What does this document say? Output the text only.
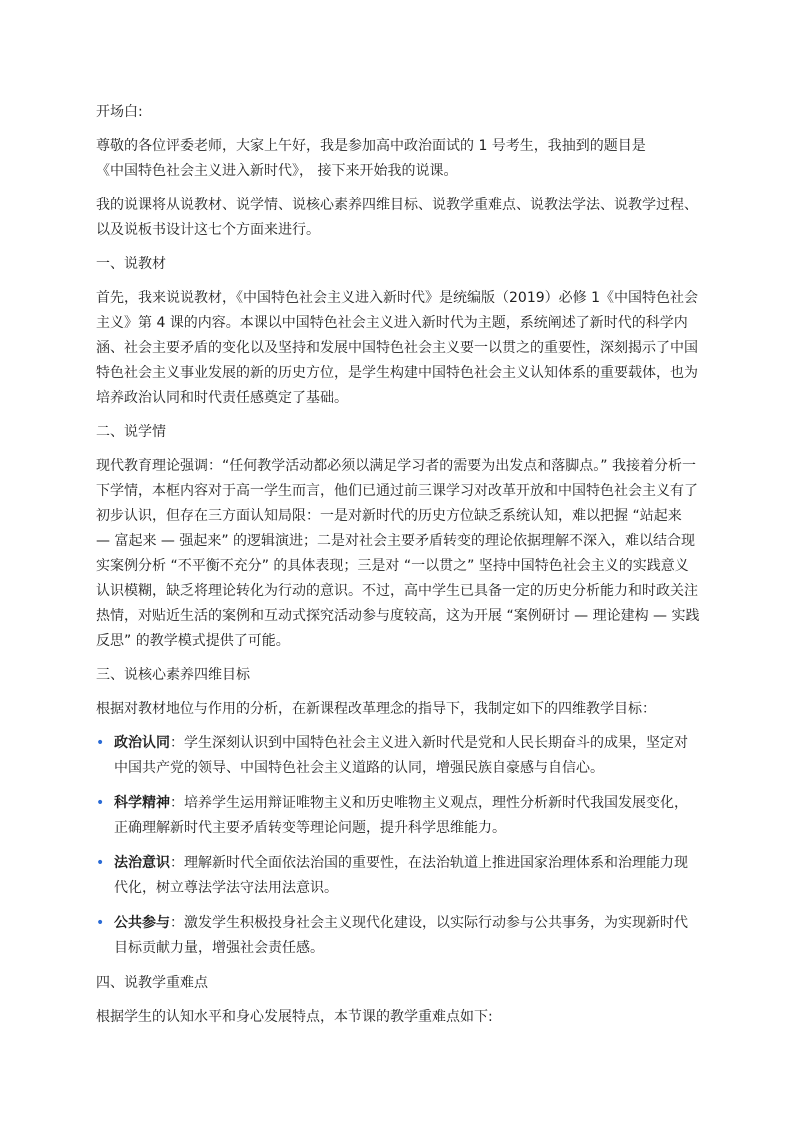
开场白:

尊敬的各位评委老师，大家上午好，我是参加高中政治面试的 1 号考生，我抽到的题目是
《中国特色社会主义进入新时代》， 接下来开始我的说课。

我的说课将从说教材、说学情、说核心素养四维目标、说教学重难点、说教法学法、说教学过程、以及说板书设计这七个方面来进行。

一、说教材

首先，我来说说教材，《中国特色社会主义进入新时代》是统编版（2019）必修 1《中国特色社会主义》第 4 课的内容。本课以中国特色社会主义进入新时代为主题，系统阐述了新时代的科学内涵、社会主要矛盾的变化以及坚持和发展中国特色社会主义要一以贯之的重要性，深刻揭示了中国特色社会主义事业发展的新的历史方位，是学生构建中国特色社会主义认知体系的重要载体，也为培养政治认同和时代责任感奠定了基础。

二、说学情

现代教育理论强调：“任何教学活动都必须以满足学习者的需要为出发点和落脚点。” 我接着分析一下学情，本框内容对于高一学生而言，他们已通过前三课学习对改革开放和中国特色社会主义有了初步认识，但存在三方面认知局限：一是对新时代的历史方位缺乏系统认知，难以把握 “站起来 — 富起来 — 强起来” 的逻辑演进；二是对社会主要矛盾转变的理论依据理解不深入，难以结合现实案例分析 “不平衡不充分” 的具体表现；三是对 “一以贯之” 坚持中国特色社会主义的实践意义认识模糊，缺乏将理论转化为行动的意识。不过，高中学生已具备一定的历史分析能力和时政关注热情，对贴近生活的案例和互动式探究活动参与度较高，这为开展 “案例研讨 — 理论建构 — 实践反思” 的教学模式提供了可能。

三、说核心素养四维目标

根据对教材地位与作用的分析，在新课程改革理念的指导下，我制定如下的四维教学目标：

• 政治认同：学生深刻认识到中国特色社会主义进入新时代是党和人民长期奋斗的成果，坚定对中国共产党的领导、中国特色社会主义道路的认同，增强民族自豪感与自信心。
• 科学精神：培养学生运用辩证唯物主义和历史唯物主义观点，理性分析新时代我国发展变化，正确理解新时代主要矛盾转变等理论问题，提升科学思维能力。
• 法治意识：理解新时代全面依法治国的重要性，在法治轨道上推进国家治理体系和治理能力现代化，树立尊法学法守法用法意识。
• 公共参与：激发学生积极投身社会主义现代化建设，以实际行动参与公共事务，为实现新时代目标贡献力量，增强社会责任感。

四、说教学重难点

根据学生的认知水平和身心发展特点，本节课的教学重难点如下:
